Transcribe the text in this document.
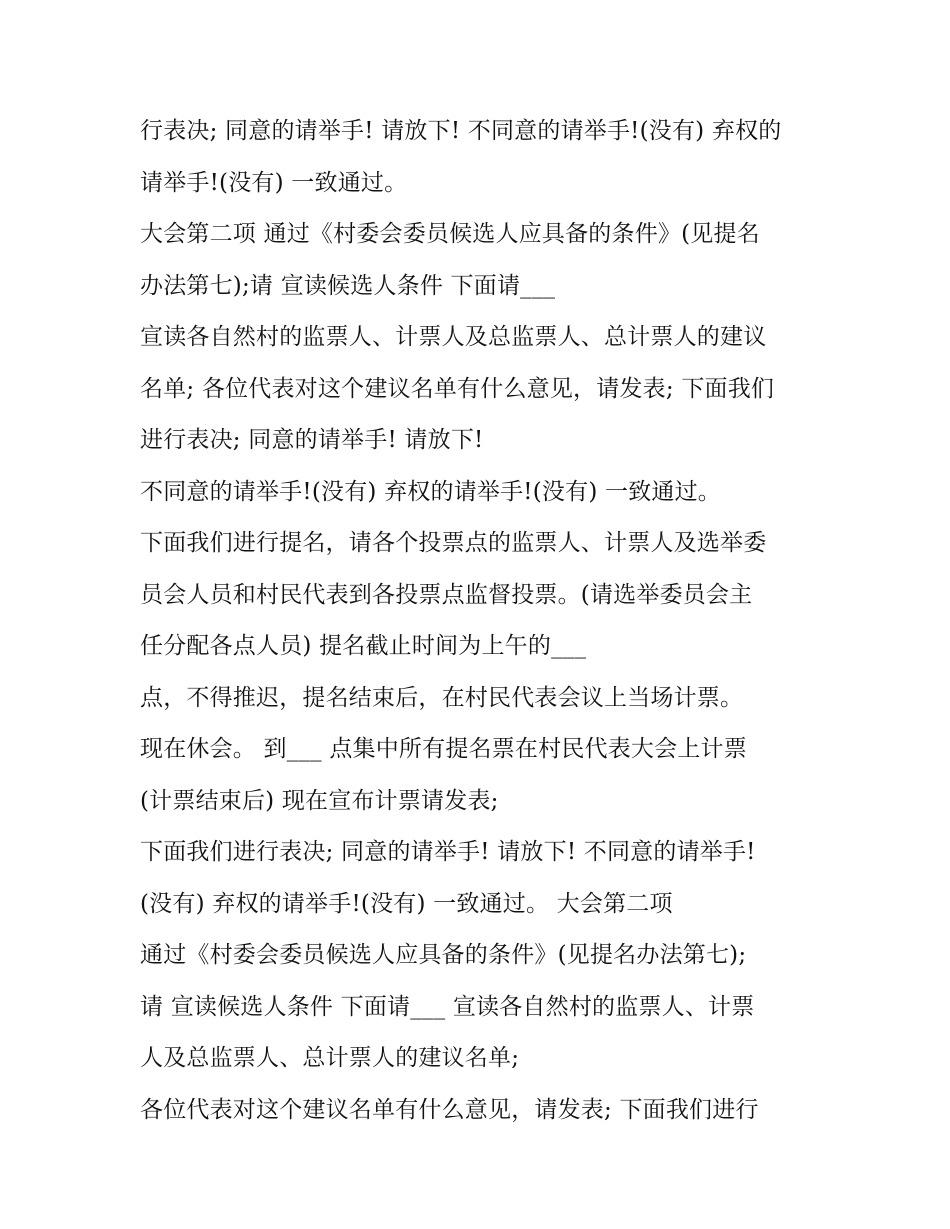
行表决; 同意的请举手! 请放下! 不同意的请举手!(没有) 弃权的
请举手!(没有) 一致通过。
大会第二项 通过《村委会委员候选人应具备的条件》(见提名
办法第七);请 宣读候选人条件 下面请___
宣读各自然村的监票人、计票人及总监票人、总计票人的建议
名单; 各位代表对这个建议名单有什么意见，请发表; 下面我们
进行表决; 同意的请举手! 请放下!
不同意的请举手!(没有) 弃权的请举手!(没有) 一致通过。
下面我们进行提名，请各个投票点的监票人、计票人及选举委
员会人员和村民代表到各投票点监督投票。(请选举委员会主
任分配各点人员) 提名截止时间为上午的___
点，不得推迟，提名结束后，在村民代表会议上当场计票。
现在休会。 到___ 点集中所有提名票在村民代表大会上计票
(计票结束后) 现在宣布计票请发表;
下面我们进行表决; 同意的请举手! 请放下! 不同意的请举手!
(没有) 弃权的请举手!(没有) 一致通过。 大会第二项
通过《村委会委员候选人应具备的条件》(见提名办法第七);
请 宣读候选人条件 下面请___ 宣读各自然村的监票人、计票
人及总监票人、总计票人的建议名单;
各位代表对这个建议名单有什么意见，请发表; 下面我们进行
